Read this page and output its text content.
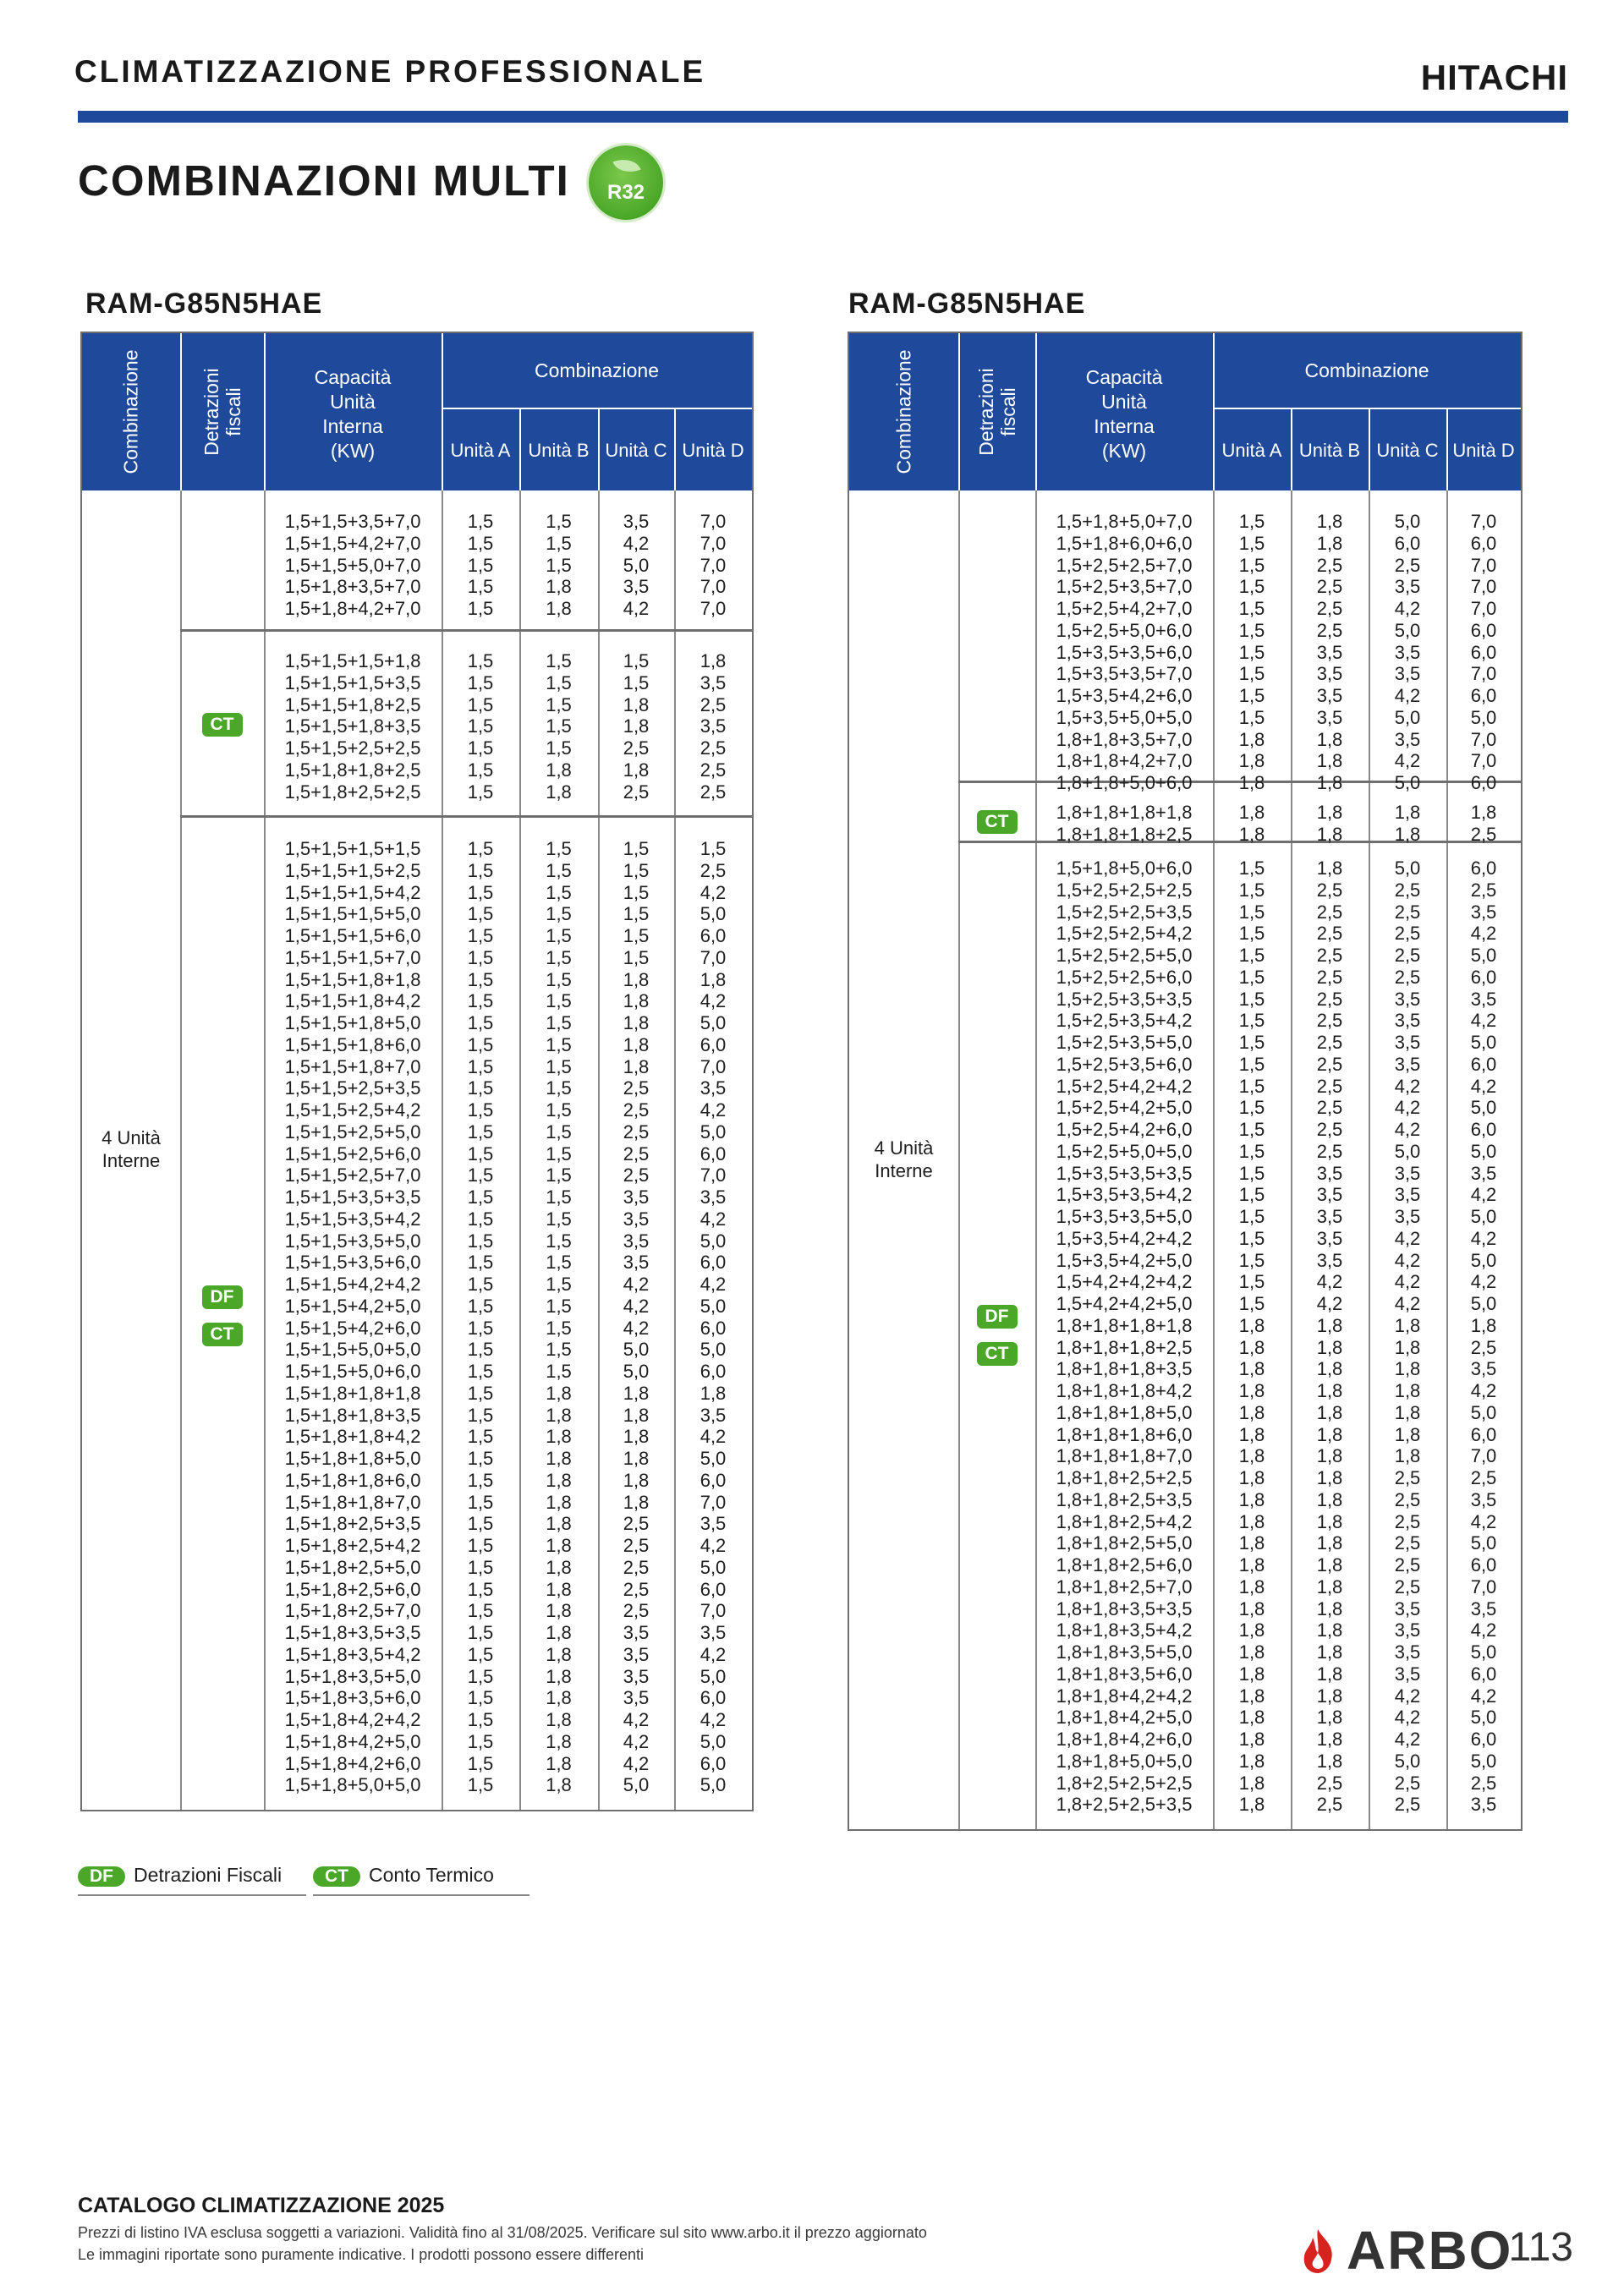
CLIMATIZZAZIONE PROFESSIONALE	HITACHI
COMBINAZIONI MULTI	R32
RAM-G85N5HAE	RAM-G85N5HAE
Combinazione	Detrazioni
fiscali
Capacità
Unità
Interna
(KW)
Combinazione
Unità A Unità B Unità C Unità D
4 Unità
Interne
1,5+1,5+3,5+7,0	1,5	1,5	3,5	7,0
1,5+1,5+4,2+7,0	1,5	1,5	4,2	7,0
1,5+1,5+5,0+7,0	1,5	1,5	5,0	7,0
1,5+1,8+3,5+7,0	1,5	1,8	3,5	7,0
1,5+1,8+4,2+7,0	1,5	1,8	4,2	7,0
CT
1,5+1,5+1,5+1,8	1,5	1,5	1,5	1,8
1,5+1,5+1,5+3,5	1,5	1,5	1,5	3,5
1,5+1,5+1,8+2,5	1,5	1,5	1,8	2,5
1,5+1,5+1,8+3,5	1,5	1,5	1,8	3,5
1,5+1,5+2,5+2,5	1,5	1,5	2,5	2,5
1,5+1,8+1,8+2,5	1,5	1,8	1,8	2,5
1,5+1,8+2,5+2,5	1,5	1,8	2,5	2,5
DF
CT
1,5+1,5+1,5+1,5	1,5	1,5	1,5	1,5
1,5+1,5+1,5+2,5	1,5	1,5	1,5	2,5
1,5+1,5+1,5+4,2	1,5	1,5	1,5	4,2
1,5+1,5+1,5+5,0	1,5	1,5	1,5	5,0
1,5+1,5+1,5+6,0	1,5	1,5	1,5	6,0
1,5+1,5+1,5+7,0	1,5	1,5	1,5	7,0
1,5+1,5+1,8+1,8	1,5	1,5	1,8	1,8
1,5+1,5+1,8+4,2	1,5	1,5	1,8	4,2
1,5+1,5+1,8+5,0	1,5	1,5	1,8	5,0
1,5+1,5+1,8+6,0	1,5	1,5	1,8	6,0
1,5+1,5+1,8+7,0	1,5	1,5	1,8	7,0
1,5+1,5+2,5+3,5	1,5	1,5	2,5	3,5
1,5+1,5+2,5+4,2	1,5	1,5	2,5	4,2
1,5+1,5+2,5+5,0	1,5	1,5	2,5	5,0
1,5+1,5+2,5+6,0	1,5	1,5	2,5	6,0
1,5+1,5+2,5+7,0	1,5	1,5	2,5	7,0
1,5+1,5+3,5+3,5	1,5	1,5	3,5	3,5
1,5+1,5+3,5+4,2	1,5	1,5	3,5	4,2
1,5+1,5+3,5+5,0	1,5	1,5	3,5	5,0
1,5+1,5+3,5+6,0	1,5	1,5	3,5	6,0
1,5+1,5+4,2+4,2	1,5	1,5	4,2	4,2
1,5+1,5+4,2+5,0	1,5	1,5	4,2	5,0
1,5+1,5+4,2+6,0	1,5	1,5	4,2	6,0
1,5+1,5+5,0+5,0	1,5	1,5	5,0	5,0
1,5+1,5+5,0+6,0	1,5	1,5	5,0	6,0
1,5+1,8+1,8+1,8	1,5	1,8	1,8	1,8
1,5+1,8+1,8+3,5	1,5	1,8	1,8	3,5
1,5+1,8+1,8+4,2	1,5	1,8	1,8	4,2
1,5+1,8+1,8+5,0	1,5	1,8	1,8	5,0
1,5+1,8+1,8+6,0	1,5	1,8	1,8	6,0
1,5+1,8+1,8+7,0	1,5	1,8	1,8	7,0
1,5+1,8+2,5+3,5	1,5	1,8	2,5	3,5
1,5+1,8+2,5+4,2	1,5	1,8	2,5	4,2
1,5+1,8+2,5+5,0	1,5	1,8	2,5	5,0
1,5+1,8+2,5+6,0	1,5	1,8	2,5	6,0
1,5+1,8+2,5+7,0	1,5	1,8	2,5	7,0
1,5+1,8+3,5+3,5	1,5	1,8	3,5	3,5
1,5+1,8+3,5+4,2	1,5	1,8	3,5	4,2
1,5+1,8+3,5+5,0	1,5	1,8	3,5	5,0
1,5+1,8+3,5+6,0	1,5	1,8	3,5	6,0
1,5+1,8+4,2+4,2	1,5	1,8	4,2	4,2
1,5+1,8+4,2+5,0	1,5	1,8	4,2	5,0
1,5+1,8+4,2+6,0	1,5	1,8	4,2	6,0
1,5+1,8+5,0+5,0	1,5	1,8	5,0	5,0
Combinazione	Detrazioni
fiscali
Capacità
Unità
Interna
(KW)
Combinazione
Unità A Unità B Unità C Unità D
4 Unità
Interne
1,5+1,8+5,0+7,0	1,5	1,8	5,0	7,0
1,5+1,8+6,0+6,0	1,5	1,8	6,0	6,0
1,5+2,5+2,5+7,0	1,5	2,5	2,5	7,0
1,5+2,5+3,5+7,0	1,5	2,5	3,5	7,0
1,5+2,5+4,2+7,0	1,5	2,5	4,2	7,0
1,5+2,5+5,0+6,0	1,5	2,5	5,0	6,0
1,5+3,5+3,5+6,0	1,5	3,5	3,5	6,0
1,5+3,5+3,5+7,0	1,5	3,5	3,5	7,0
1,5+3,5+4,2+6,0	1,5	3,5	4,2	6,0
1,5+3,5+5,0+5,0	1,5	3,5	5,0	5,0
1,8+1,8+3,5+7,0	1,8	1,8	3,5	7,0
1,8+1,8+4,2+7,0	1,8	1,8	4,2	7,0
1,8+1,8+5,0+6,0	1,8	1,8	5,0	6,0
CT	1,8+1,8+1,8+1,8	1,8	1,8	1,8	1,8
1,8+1,8+1,8+2,5	1,8	1,8	1,8	2,5
DF
CT
1,5+1,8+5,0+6,0	1,5	1,8	5,0	6,0
1,5+2,5+2,5+2,5	1,5	2,5	2,5	2,5
1,5+2,5+2,5+3,5	1,5	2,5	2,5	3,5
1,5+2,5+2,5+4,2	1,5	2,5	2,5	4,2
1,5+2,5+2,5+5,0	1,5	2,5	2,5	5,0
1,5+2,5+2,5+6,0	1,5	2,5	2,5	6,0
1,5+2,5+3,5+3,5	1,5	2,5	3,5	3,5
1,5+2,5+3,5+4,2	1,5	2,5	3,5	4,2
1,5+2,5+3,5+5,0	1,5	2,5	3,5	5,0
1,5+2,5+3,5+6,0	1,5	2,5	3,5	6,0
1,5+2,5+4,2+4,2	1,5	2,5	4,2	4,2
1,5+2,5+4,2+5,0	1,5	2,5	4,2	5,0
1,5+2,5+4,2+6,0	1,5	2,5	4,2	6,0
1,5+2,5+5,0+5,0	1,5	2,5	5,0	5,0
1,5+3,5+3,5+3,5	1,5	3,5	3,5	3,5
1,5+3,5+3,5+4,2	1,5	3,5	3,5	4,2
1,5+3,5+3,5+5,0	1,5	3,5	3,5	5,0
1,5+3,5+4,2+4,2	1,5	3,5	4,2	4,2
1,5+3,5+4,2+5,0	1,5	3,5	4,2	5,0
1,5+4,2+4,2+4,2	1,5	4,2	4,2	4,2
1,5+4,2+4,2+5,0	1,5	4,2	4,2	5,0
1,8+1,8+1,8+1,8	1,8	1,8	1,8	1,8
1,8+1,8+1,8+2,5	1,8	1,8	1,8	2,5
1,8+1,8+1,8+3,5	1,8	1,8	1,8	3,5
1,8+1,8+1,8+4,2	1,8	1,8	1,8	4,2
1,8+1,8+1,8+5,0	1,8	1,8	1,8	5,0
1,8+1,8+1,8+6,0	1,8	1,8	1,8	6,0
1,8+1,8+1,8+7,0	1,8	1,8	1,8	7,0
1,8+1,8+2,5+2,5	1,8	1,8	2,5	2,5
1,8+1,8+2,5+3,5	1,8	1,8	2,5	3,5
1,8+1,8+2,5+4,2	1,8	1,8	2,5	4,2
1,8+1,8+2,5+5,0	1,8	1,8	2,5	5,0
1,8+1,8+2,5+6,0	1,8	1,8	2,5	6,0
1,8+1,8+2,5+7,0	1,8	1,8	2,5	7,0
1,8+1,8+3,5+3,5	1,8	1,8	3,5	3,5
1,8+1,8+3,5+4,2	1,8	1,8	3,5	4,2
1,8+1,8+3,5+5,0	1,8	1,8	3,5	5,0
1,8+1,8+3,5+6,0	1,8	1,8	3,5	6,0
1,8+1,8+4,2+4,2	1,8	1,8	4,2	4,2
1,8+1,8+4,2+5,0	1,8	1,8	4,2	5,0
1,8+1,8+4,2+6,0	1,8	1,8	4,2	6,0
1,8+1,8+5,0+5,0	1,8	1,8	5,0	5,0
1,8+2,5+2,5+2,5	1,8	2,5	2,5	2,5
1,8+2,5+2,5+3,5	1,8	2,5	2,5	3,5
DF Detrazioni Fiscali	CT Conto Termico
CATALOGO CLIMATIZZAZIONE 2025
Prezzi di listino IVA esclusa soggetti a variazioni. Validità fino al 31/08/2025. Verificare sul sito www.arbo.it il prezzo aggiornato
Le immagini riportate sono puramente indicative. I prodotti possono essere differenti	ARBO
113
